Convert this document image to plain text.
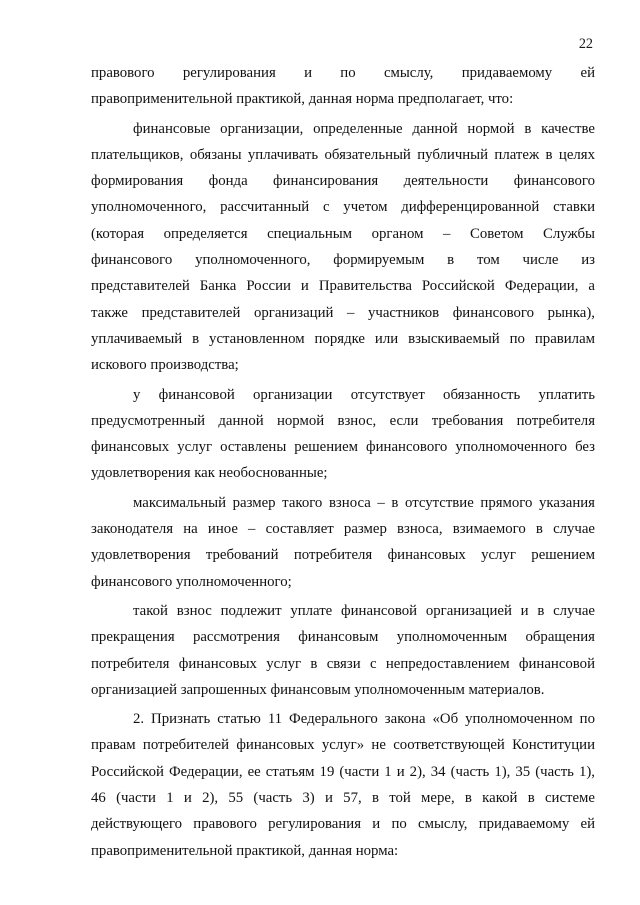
22
правового регулирования и по смыслу, придаваемому ей
правоприменительной практикой, данная норма предполагает, что:
финансовые организации, определенные данной нормой в качестве
плательщиков, обязаны уплачивать обязательный публичный платеж в целях
формирования фонда финансирования деятельности финансового
уполномоченного, рассчитанный с учетом дифференцированной ставки
(которая определяется специальным органом – Советом Службы
финансового уполномоченного, формируемым в том числе из
представителей Банка России и Правительства Российской Федерации, а
также представителей организаций – участников финансового рынка),
уплачиваемый в установленном порядке или взыскиваемый по правилам
искового производства;
у финансовой организации отсутствует обязанность уплатить
предусмотренный данной нормой взнос, если требования потребителя
финансовых услуг оставлены решением финансового уполномоченного без
удовлетворения как необоснованные;
максимальный размер такого взноса – в отсутствие прямого указания
законодателя на иное – составляет размер взноса, взимаемого в случае
удовлетворения требований потребителя финансовых услуг решением
финансового уполномоченного;
такой взнос подлежит уплате финансовой организацией и в случае
прекращения рассмотрения финансовым уполномоченным обращения
потребителя финансовых услуг в связи с непредоставлением финансовой
организацией запрошенных финансовым уполномоченным материалов.
2. Признать статью 11 Федерального закона «Об уполномоченном по
правам потребителей финансовых услуг» не соответствующей Конституции
Российской Федерации, ее статьям 19 (части 1 и 2), 34 (часть 1), 35 (часть 1),
46 (части 1 и 2), 55 (часть 3) и 57, в той мере, в какой в системе
действующего правового регулирования и по смыслу, придаваемому ей
правоприменительной практикой, данная норма:
